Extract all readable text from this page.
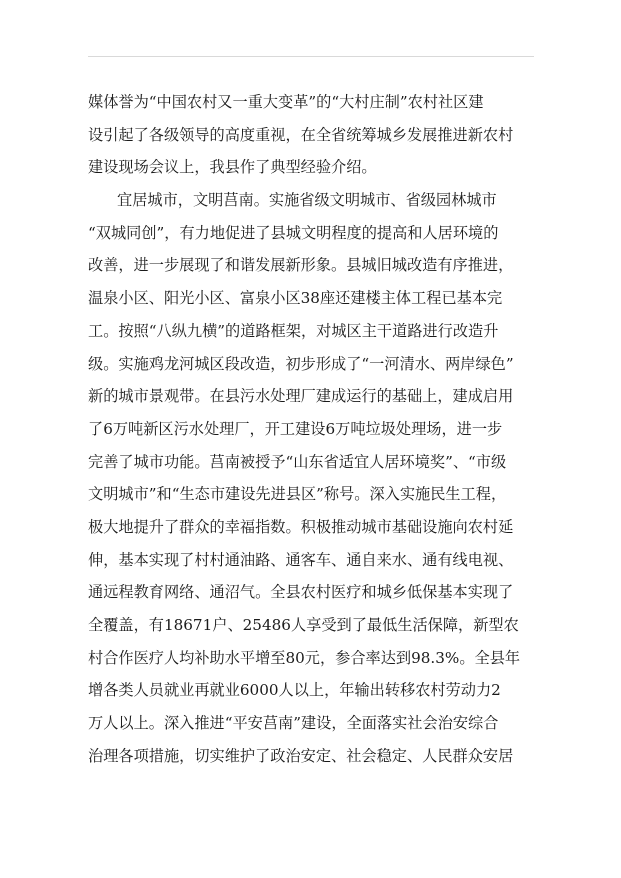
媒体誉为“中国农村又一重大变革”的“大村庄制”农村社区建
设引起了各级领导的高度重视，在全省统筹城乡发展推进新农村
建设现场会议上，我县作了典型经验介绍。
宜居城市，文明莒南。实施省级文明城市、省级园林城市
“双城同创”，有力地促进了县城文明程度的提高和人居环境的
改善，进一步展现了和谐发展新形象。县城旧城改造有序推进，
温泉小区、阳光小区、富泉小区38座还建楼主体工程已基本完
工。按照“八纵九横”的道路框架，对城区主干道路进行改造升
级。实施鸡龙河城区段改造，初步形成了“一河清水、两岸绿色”
新的城市景观带。在县污水处理厂建成运行的基础上，建成启用
了6万吨新区污水处理厂，开工建设6万吨垃圾处理场，进一步
完善了城市功能。莒南被授予“山东省适宜人居环境奖”、“市级
文明城市”和“生态市建设先进县区”称号。深入实施民生工程，
极大地提升了群众的幸福指数。积极推动城市基础设施向农村延
伸，基本实现了村村通油路、通客车、通自来水、通有线电视、
通远程教育网络、通沼气。全县农村医疗和城乡低保基本实现了
全覆盖，有18671户、25486人享受到了最低生活保障，新型农
村合作医疗人均补助水平增至80元，参合率达到98.3%。全县年
增各类人员就业再就业6000人以上，年输出转移农村劳动力2
万人以上。深入推进“平安莒南”建设，全面落实社会治安综合
治理各项措施，切实维护了政治安定、社会稳定、人民群众安居
